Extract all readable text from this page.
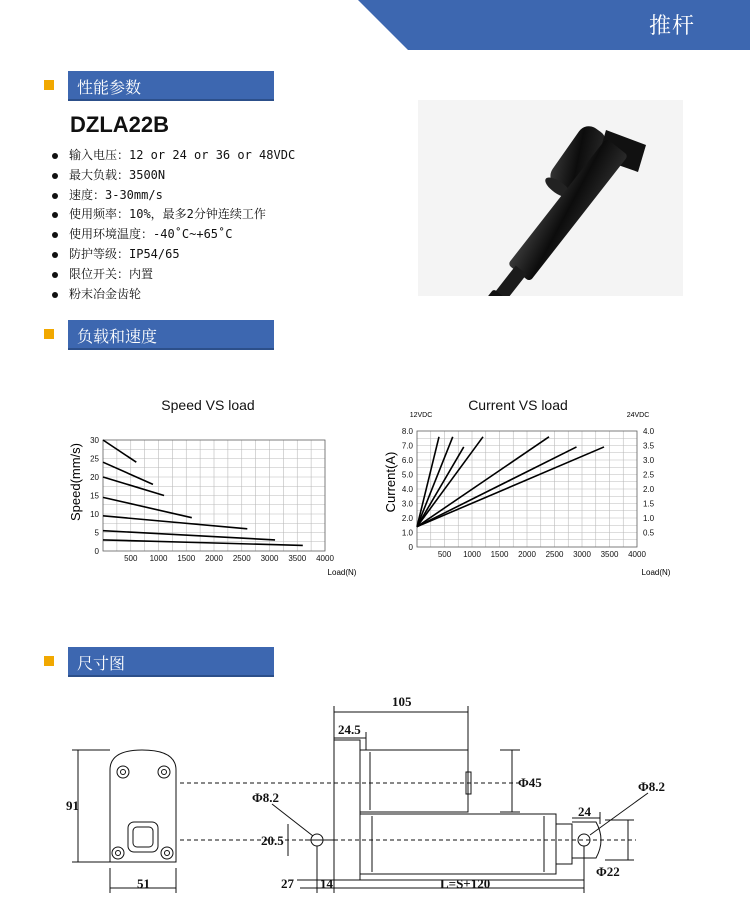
推杆
性能参数
DZLA22B
输入电压：12 or 24 or 36 or 48VDC
最大负载：3500N
速度：3-30mm/s
使用频率：10%，最多2分钟连续工作
使用环境温度：-40˚C~+65˚C
防护等级：IP54/65
限位开关：内置
粉末冶金齿轮
负载和速度
Speed VS load
Speed(mm/s)
Load(N)
500 1000 1500 2000 2500 3000 3500 4000
0
5
10
15
20
25
30
Current VS load
12VDC	24VDC
Current(A)
Load(N)
500 1000 1500 2000 2500 3000 3500 4000
0
1.0
2.0
3.0
4.0
5.0
6.0
7.0
8.0
0.5
1.0
1.5
2.0
2.5
3.0
3.5
4.0
尺寸图
105
24.5
91
Φ45
Φ8.2
Φ8.2
24
20.5
51	27 14	L=S+120
Φ22
